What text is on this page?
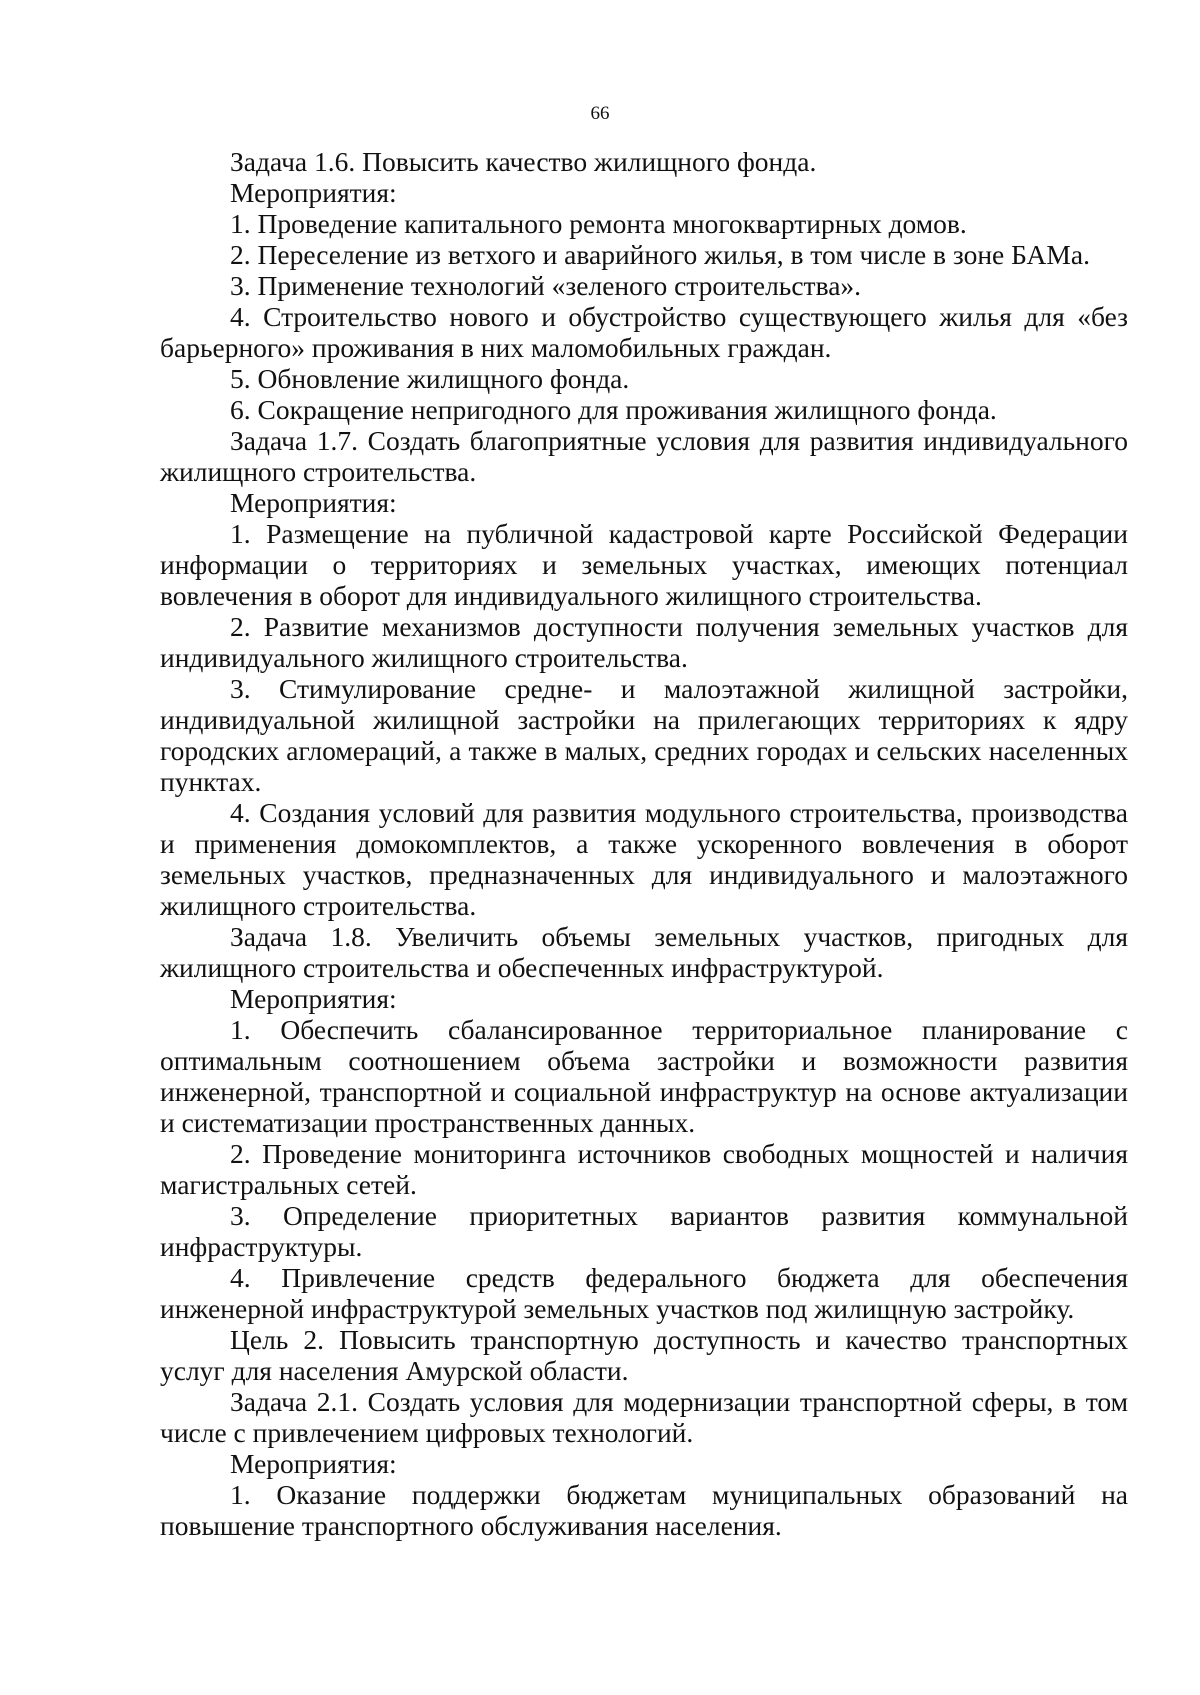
66

Задача 1.6. Повысить качество жилищного фонда.

Мероприятия:

1. Проведение капитального ремонта многоквартирных домов.

2. Переселение из ветхого и аварийного жилья, в том числе в зоне БАМа.

3. Применение технологий «зеленого строительства».

4. Строительство нового и обустройство существующего жилья для «без барьерного» проживания в них маломобильных граждан.

5. Обновление жилищного фонда.

6. Сокращение непригодного для проживания жилищного фонда.

Задача 1.7. Создать благоприятные условия для развития индивидуального жилищного строительства.

Мероприятия:

1. Размещение на публичной кадастровой карте Российской Федерации информации о территориях и земельных участках, имеющих потенциал вовлечения в оборот для индивидуального жилищного строительства.

2. Развитие механизмов доступности получения земельных участков для индивидуального жилищного строительства.

3. Стимулирование средне- и малоэтажной жилищной застройки, индивидуальной жилищной застройки на прилегающих территориях к ядру городских агломераций, а также в малых, средних городах и сельских населенных пунктах.

4. Создания условий для развития модульного строительства, производства и применения домокомплектов, а также ускоренного вовлечения в оборот земельных участков, предназначенных для индивидуального и малоэтажного жилищного строительства.

Задача 1.8. Увеличить объемы земельных участков, пригодных для жилищного строительства и обеспеченных инфраструктурой.

Мероприятия:

1. Обеспечить сбалансированное территориальное планирование с оптимальным соотношением объема застройки и возможности развития инженерной, транспортной и социальной инфраструктур на основе актуализации и систематизации пространственных данных.

2. Проведение мониторинга источников свободных мощностей и наличия магистральных сетей.

3. Определение приоритетных вариантов развития коммунальной инфраструктуры.

4. Привлечение средств федерального бюджета для обеспечения инженерной инфраструктурой земельных участков под жилищную застройку.

Цель 2. Повысить транспортную доступность и качество транспортных услуг для населения Амурской области.

Задача 2.1. Создать условия для модернизации транспортной сферы, в том числе с привлечением цифровых технологий.

Мероприятия:

1. Оказание поддержки бюджетам муниципальных образований на повышение транспортного обслуживания населения.
